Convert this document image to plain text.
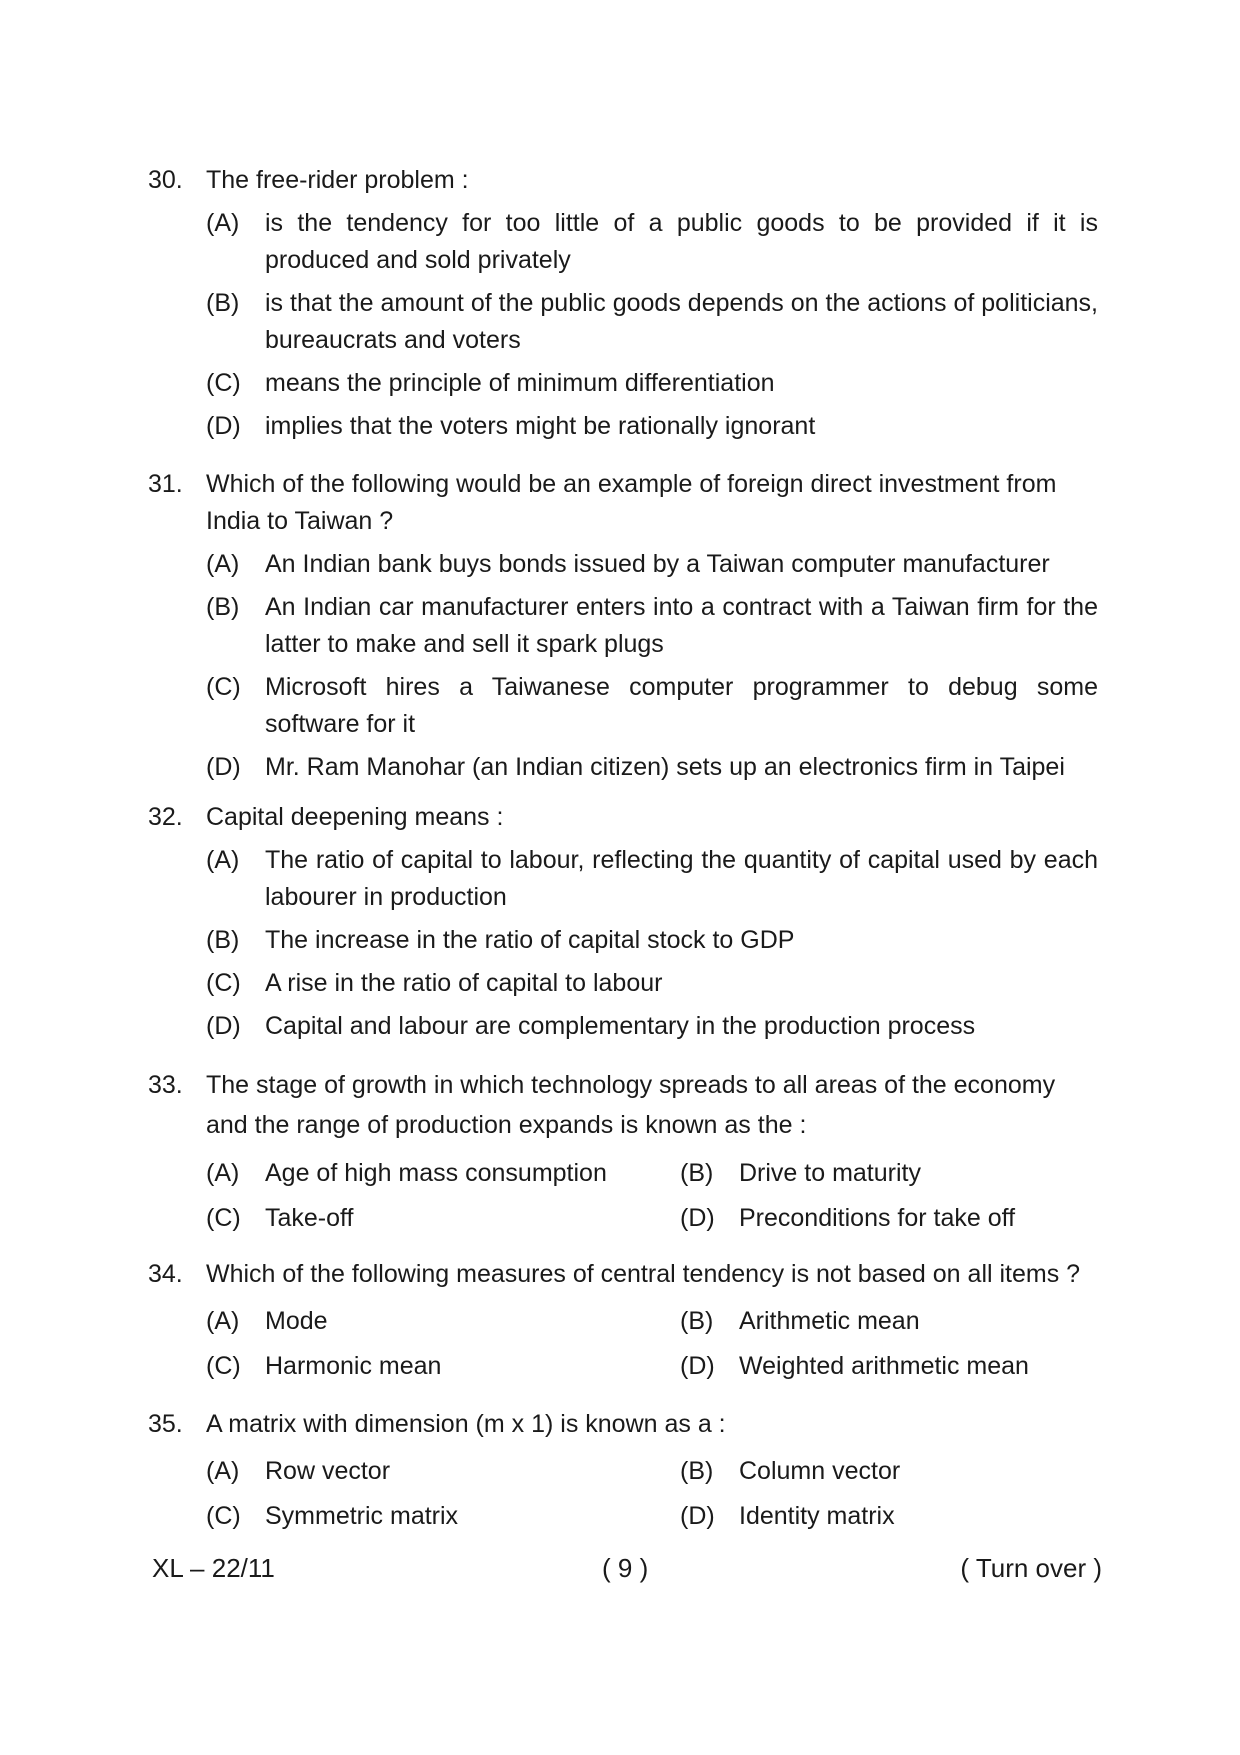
30. The free-rider problem :
(A)	is the tendency for too little of a public goods to be provided if it is produced and sold privately
(B)	is that the amount of the public goods depends on the actions of politicians, bureaucrats and voters
(C) means the principle of minimum differentiation
(D) implies that the voters might be rationally ignorant
31. Which of the following would be an example of foreign direct investment from India to Taiwan ?
(A)	An Indian bank buys bonds issued by a Taiwan computer manufacturer
(B)	An Indian car manufacturer enters into a contract with a Taiwan firm for the latter to make and sell it spark plugs
(C) Microsoft hires a Taiwanese computer programmer to debug some software for it
(D) Mr. Ram Manohar (an Indian citizen) sets up an electronics firm in Taipei
32. Capital deepening means :
(A)	The ratio of capital to labour, reflecting the quantity of capital used by each labourer in production
(B)	The increase in the ratio of capital stock to GDP
(C) A rise in the ratio of capital to labour
(D) Capital and labour are complementary in the production process
33. The stage of growth in which technology spreads to all areas of the economy and the range of production expands is known as the :
(A)	Age of high mass consumption	(B)	Drive to maturity
(C) Take-off	(D) Preconditions for take off
34. Which of the following measures of central tendency is not based on all items ?
(A)	Mode	(B)	Arithmetic mean
(C) Harmonic mean	(D) Weighted arithmetic mean
35. A matrix with dimension (m x 1) is known as a :
(A)	Row vector	(B)	Column vector
(C) Symmetric matrix	(D) Identity matrix
XL – 22/11	( 9 )	( Turn over )
